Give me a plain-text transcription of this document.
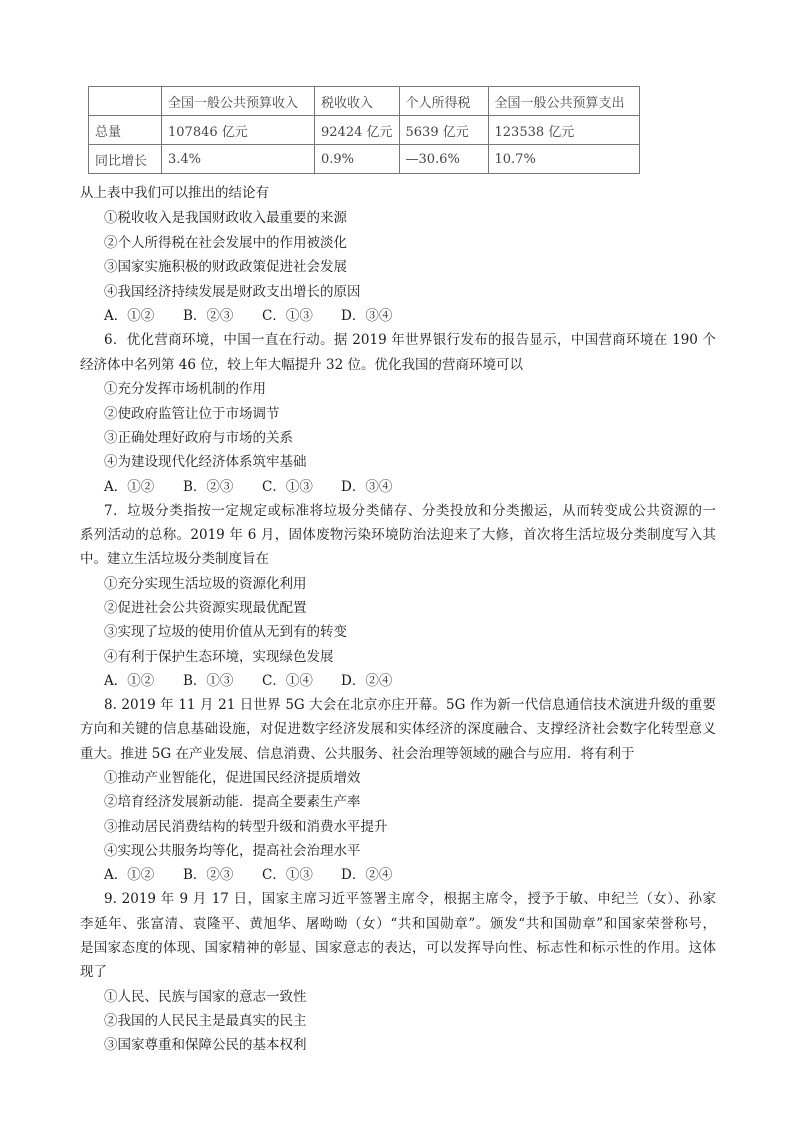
	全国一般公共预算收入	税收收入	个人所得税	全国一般公共预算支出
总量	107846 亿元	92424 亿元	5639 亿元	123538 亿元
同比增长	3.4%	0.9%	—30.6%	10.7%
从上表中我们可以推出的结论有
①税收收入是我国财政收入最重要的来源
②个人所得税在社会发展中的作用被淡化
③国家实施积极的财政政策促进社会发展
④我国经济持续发展是财政支出增长的原因
A．①②	B．②③	C．①③	D．③④
6．优化营商环境，中国一直在行动。据 2019 年世界银行发布的报告显示，中国营商环境在 190 个
经济体中名列第 46 位，较上年大幅提升 32 位。优化我国的营商环境可以
①充分发挥市场机制的作用
②使政府监管让位于市场调节
③正确处理好政府与市场的关系
④为建设现代化经济体系筑牢基础
A．①②	B．②③	C．①③	D．③④
7．垃圾分类指按一定规定或标准将垃圾分类储存、分类投放和分类搬运，从而转变成公共资源的一
系列活动的总称。2019 年 6 月，固体废物污染环境防治法迎来了大修，首次将生活垃圾分类制度写入其
中。建立生活垃圾分类制度旨在
①充分实现生活垃圾的资源化利用
②促进社会公共资源实现最优配置
③实现了垃圾的使用价值从无到有的转变
④有利于保护生态环境，实现绿色发展
A．①②	B．①③	C．①④	D．②④
8. 2019 年 11 月 21 日世界 5G 大会在北京亦庄开幕。5G 作为新一代信息通信技术演进升级的重要
方向和关键的信息基础设施，对促进数字经济发展和实体经济的深度融合、支撑经济社会数字化转型意义
重大。推进 5G 在产业发展、信息消费、公共服务、社会治理等领域的融合与应用．将有利于
①推动产业智能化，促进国民经济提质增效
②培育经济发展新动能．提高全要素生产率
③推动居民消费结构的转型升级和消费水平提升
④实现公共服务均等化，提高社会治理水平
A．①②	B．②③	C．①③	D．②④
9. 2019 年 9 月 17 日，国家主席习近平签署主席令，根据主席令，授予于敏、申纪兰（女）、孙家
李延年、张富清、袁隆平、黄旭华、屠呦呦（女）“共和国勋章”。颁发“共和国勋章”和国家荣誉称号，
是国家态度的体现、国家精神的彰显、国家意志的表达，可以发挥导向性、标志性和标示性的作用。这体
现了
①人民、民族与国家的意志一致性
②我国的人民民主是最真实的民主
③国家尊重和保障公民的基本权利
